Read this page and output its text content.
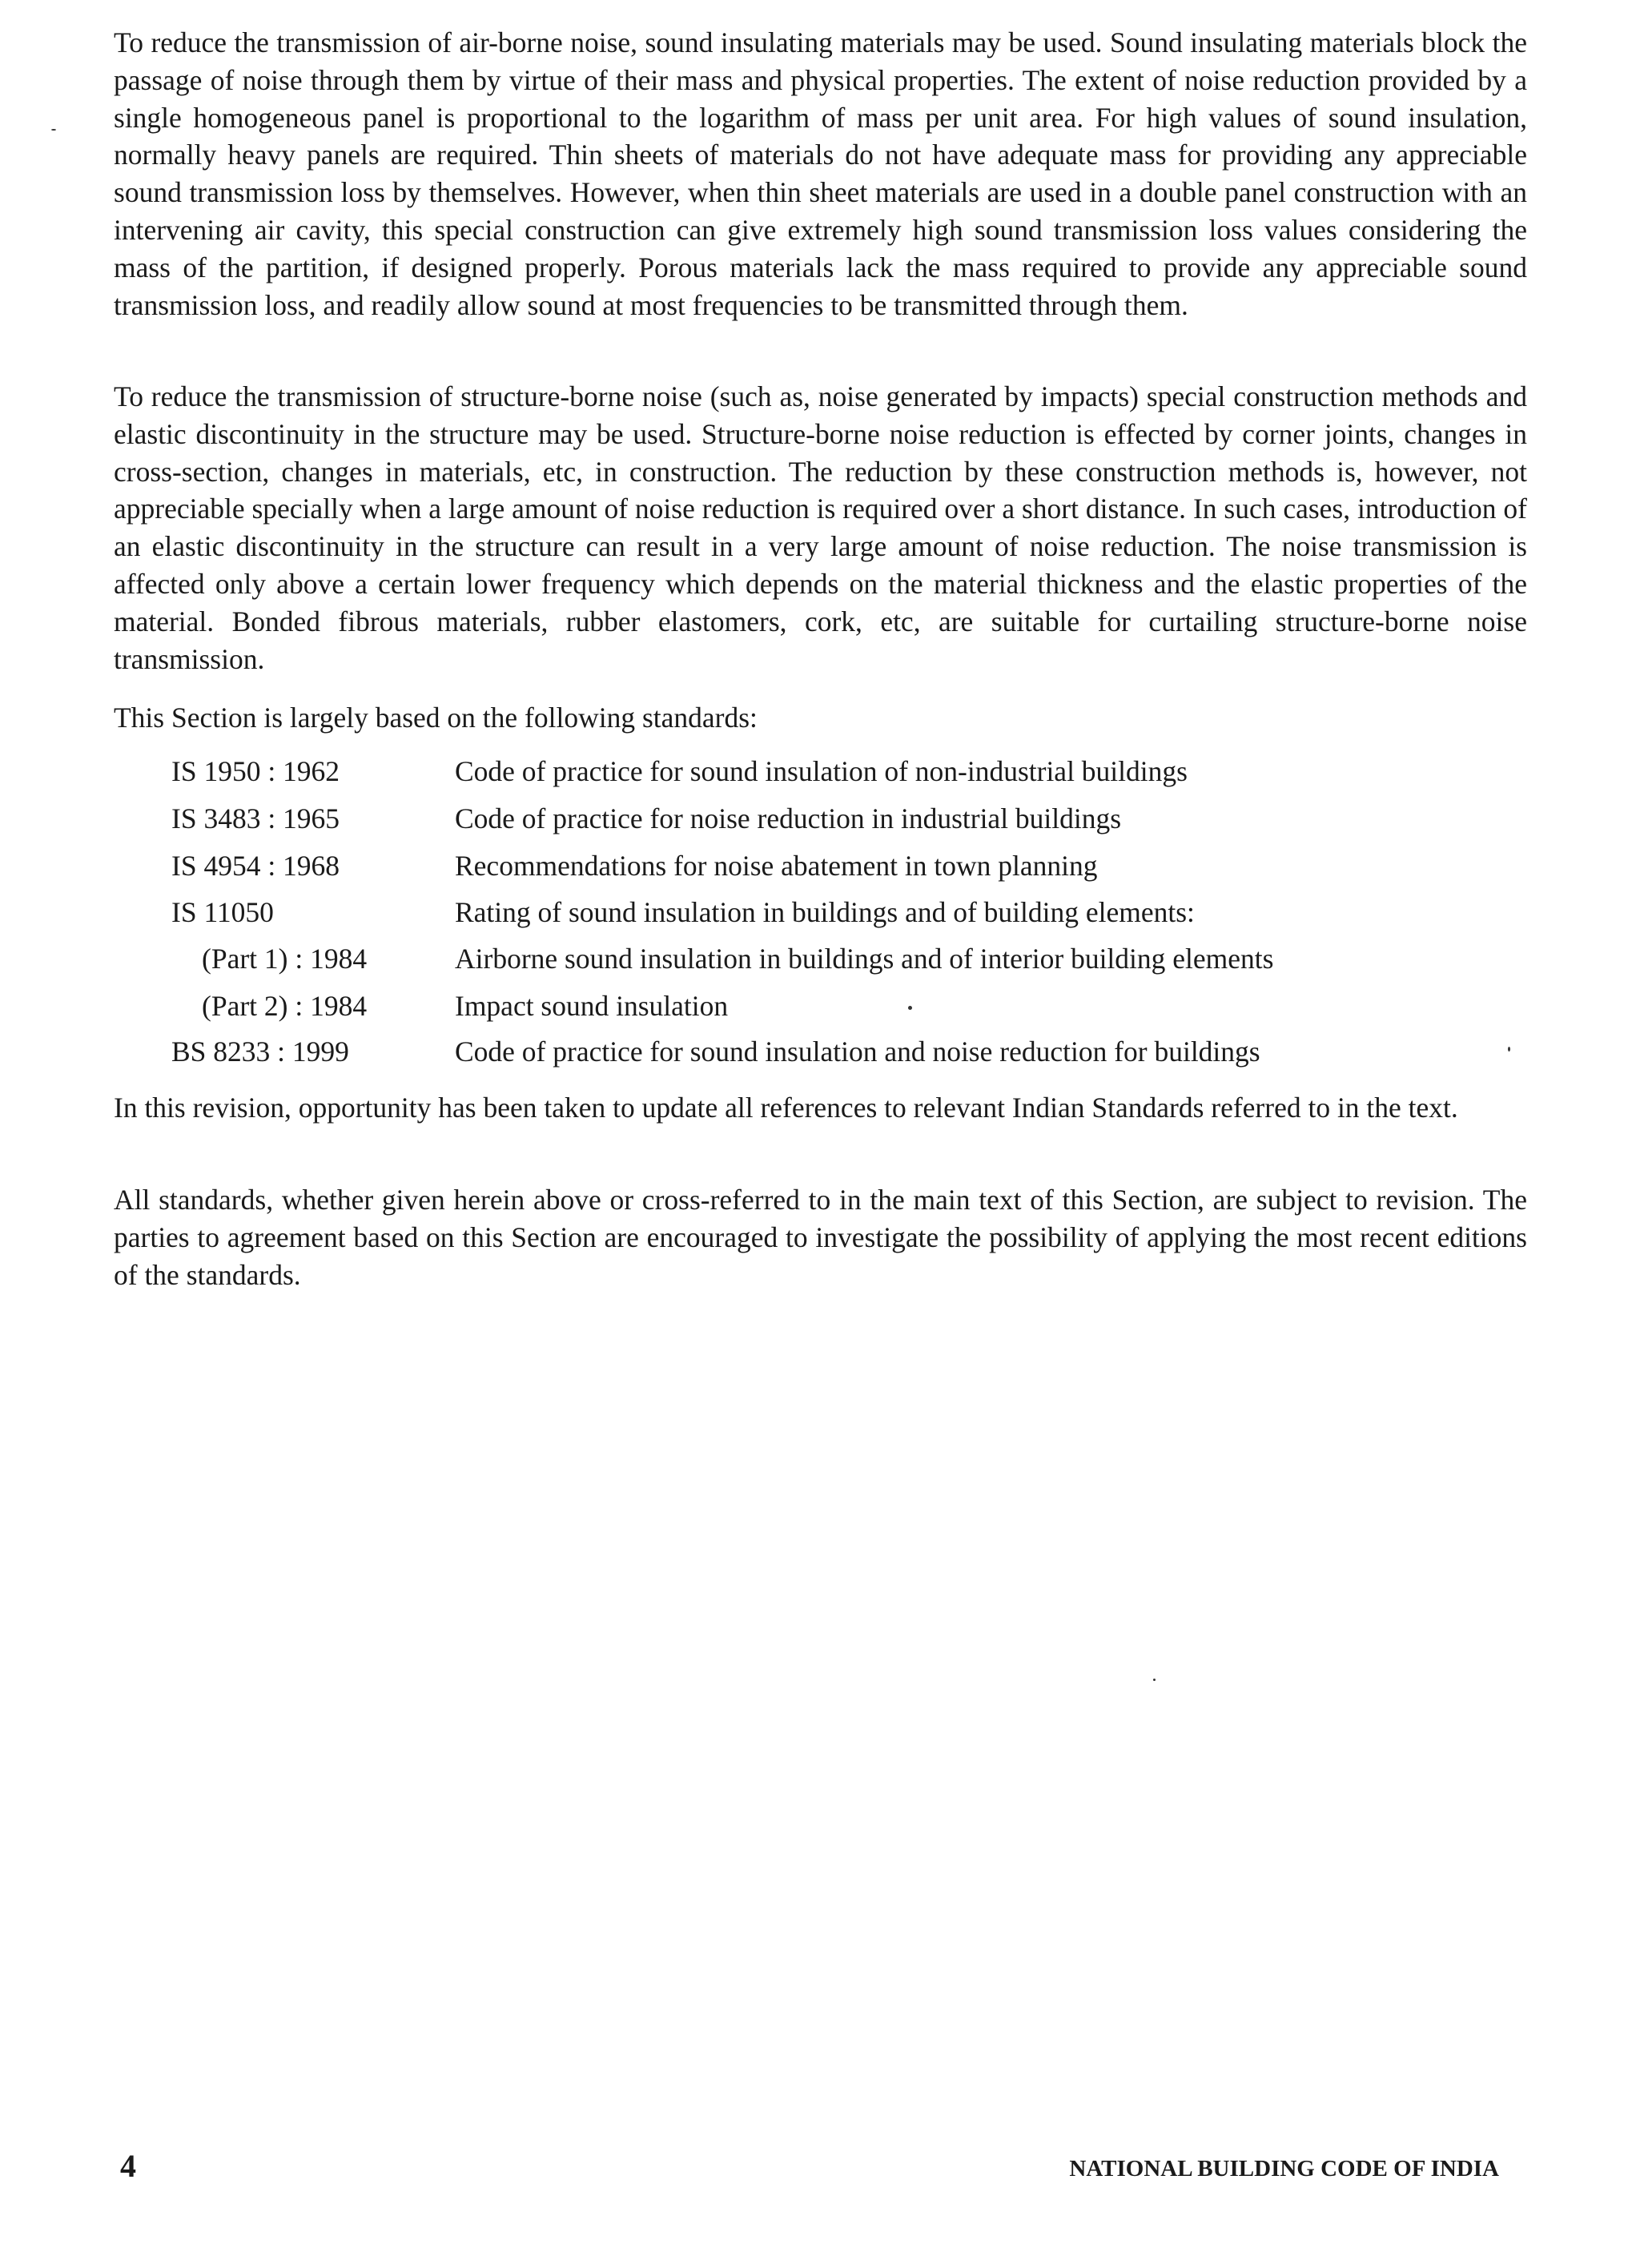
To reduce the transmission of air-borne noise, sound insulating materials may be used. Sound insulating materials block the passage of noise through them by virtue of their mass and physical properties. The extent of noise reduction provided by a single homogeneous panel is proportional to the logarithm of mass per unit area. For high values of sound insulation, normally heavy panels are required. Thin sheets of materials do not have adequate mass for providing any appreciable sound transmission loss by themselves. However, when thin sheet materials are used in a double panel construction with an intervening air cavity, this special construction can give extremely high sound transmission loss values considering the mass of the partition, if designed properly. Porous materials lack the mass required to provide any appreciable sound transmission loss, and readily allow sound at most frequencies to be transmitted through them.

To reduce the transmission of structure-borne noise (such as, noise generated by impacts) special construction methods and elastic discontinuity in the structure may be used. Structure-borne noise reduction is effected by corner joints, changes in cross-section, changes in materials, etc, in construction. The reduction by these construction methods is, however, not appreciable specially when a large amount of noise reduction is required over a short distance. In such cases, introduction of an elastic discontinuity in the structure can result in a very large amount of noise reduction. The noise transmission is affected only above a certain lower frequency which depends on the material thickness and the elastic properties of the material. Bonded fibrous materials, rubber elastomers, cork, etc, are suitable for curtailing structure-borne noise transmission.

This Section is largely based on the following standards:

IS 1950 : 1962	Code of practice for sound insulation of non-industrial buildings
IS 3483 : 1965	Code of practice for noise reduction in industrial buildings
IS 4954 : 1968	Recommendations for noise abatement in town planning
IS 11050	Rating of sound insulation in buildings and of building elements:
(Part 1) : 1984	Airborne sound insulation in buildings and of interior building elements
(Part 2) : 1984	Impact sound insulation
BS 8233 : 1999	Code of practice for sound insulation and noise reduction for buildings

In this revision, opportunity has been taken to update all references to relevant Indian Standards referred to in the text.

All standards, whether given herein above or cross-referred to in the main text of this Section, are subject to revision. The parties to agreement based on this Section are encouraged to investigate the possibility of applying the most recent editions of the standards.

4	NATIONAL BUILDING CODE OF INDIA
